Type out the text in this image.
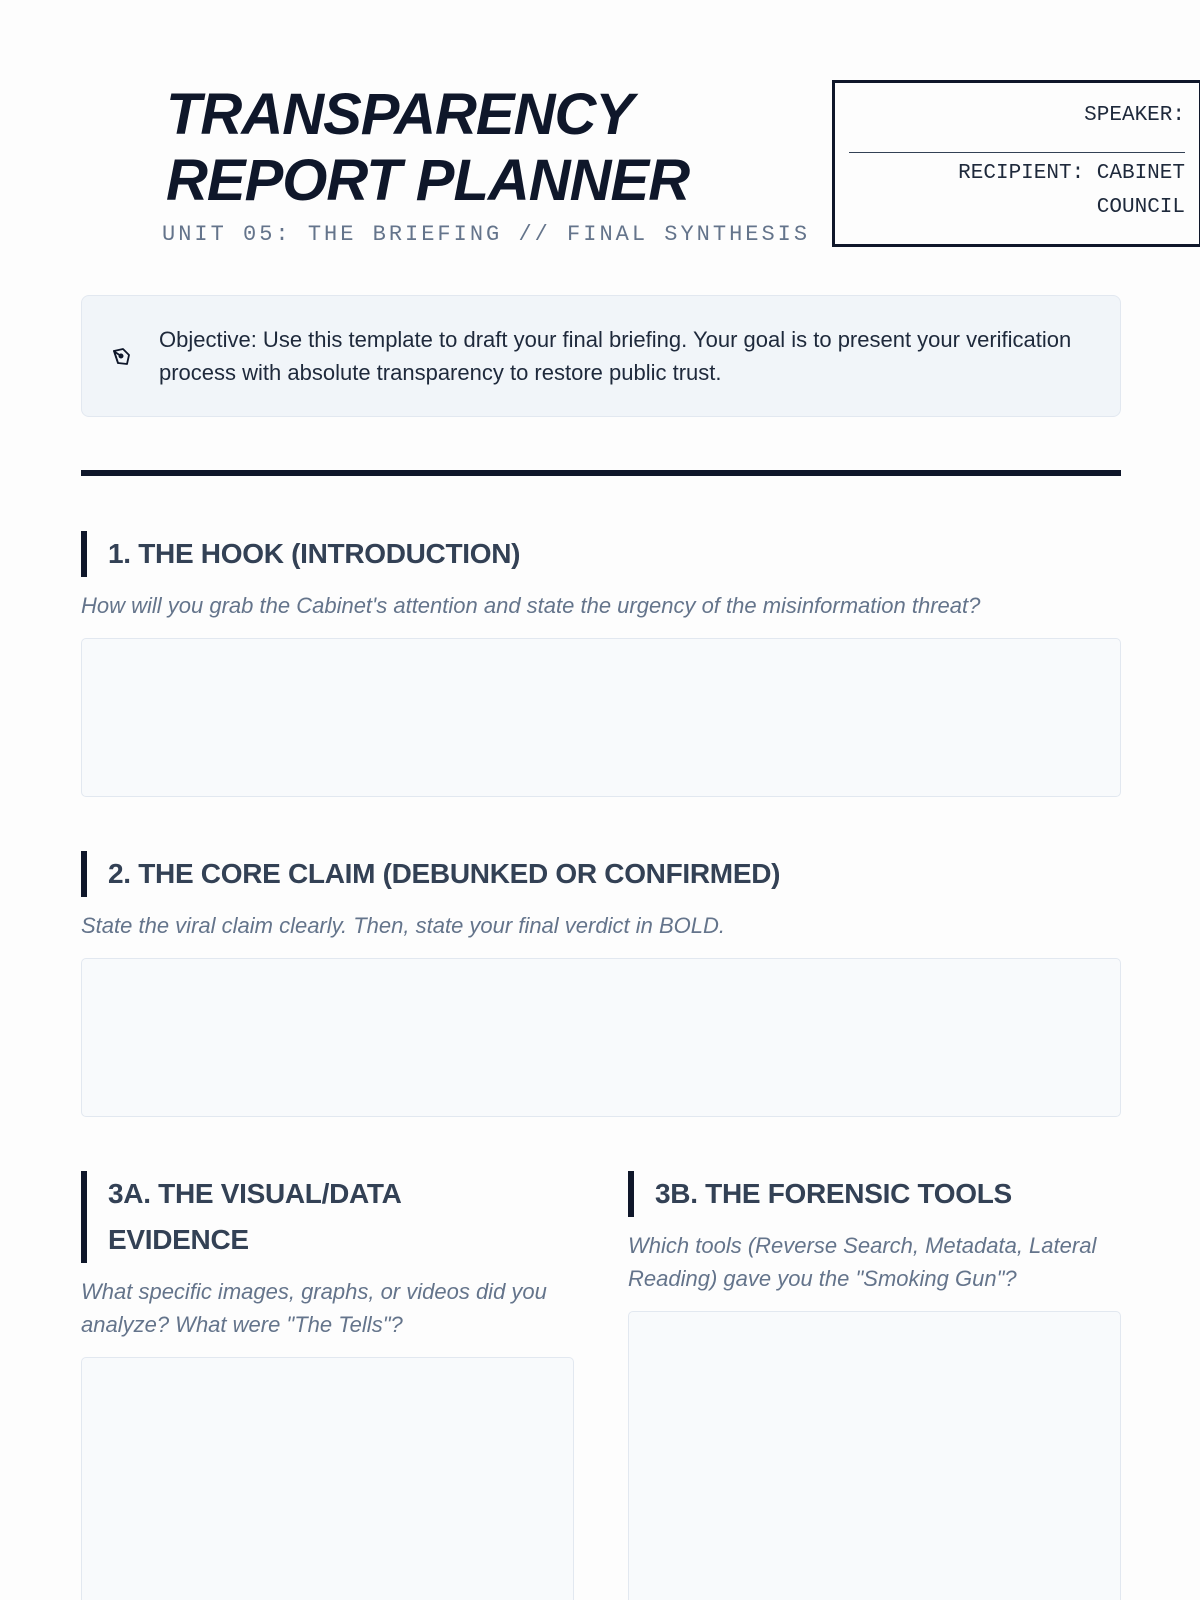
TRANSPARENCY
REPORT PLANNER
UNIT 05: THE BRIEFING // FINAL SYNTHESIS
SPEAKER:
RECIPIENT: CABINET
COUNCIL

Objective: Use this template to draft your final briefing. Your goal is to present your verification process with absolute transparency to restore public trust.

1. THE HOOK (INTRODUCTION)

How will you grab the Cabinet's attention and state the urgency of the misinformation threat?

2. THE CORE CLAIM (DEBUNKED OR CONFIRMED)

State the viral claim clearly. Then, state your final verdict in BOLD.

3A. THE VISUAL/DATA EVIDENCE

What specific images, graphs, or videos did you analyze? What were "The Tells"?

3B. THE FORENSIC TOOLS

Which tools (Reverse Search, Metadata, Lateral Reading) gave you the "Smoking Gun"?
